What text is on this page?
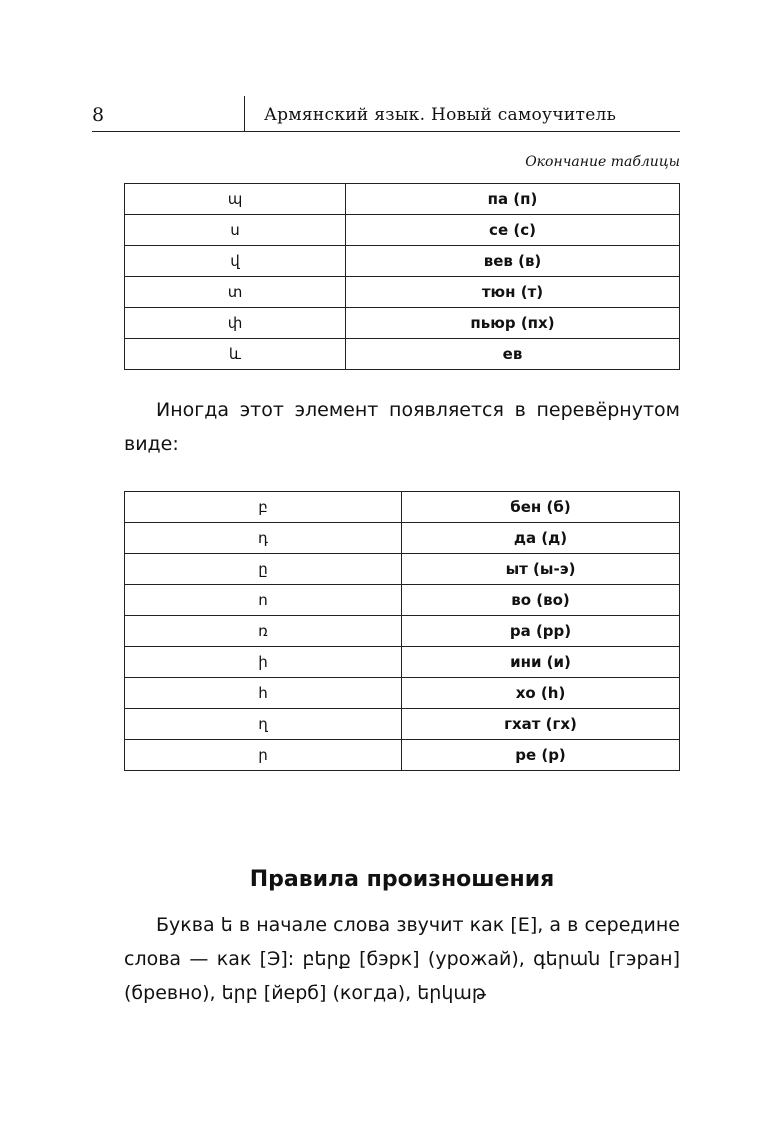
8	Армянский язык. Новый самоучитель
Окончание таблицы
պ	па (п)
ս	се (с)
վ	вев (в)
տ	тюн (т)
փ	пьюр (пх)
և	ев
Иногда этот элемент появляется в перевёрнутом виде:
բ	бен (б)
դ	да (д)
ը	ыт (ы-э)
ո	во (во)
ռ	ра (рр)
ի	ини (и)
հ	хо (h)
ղ	гхат (гх)
ր	ре (р)
Правила произношения
Буква ե в начале слова звучит как [Е], а в середине слова — как [Э]: բերք [бэрк] (урожай), գերան [гэран] (бревно), երբ [йерб] (когда), երկաթ
